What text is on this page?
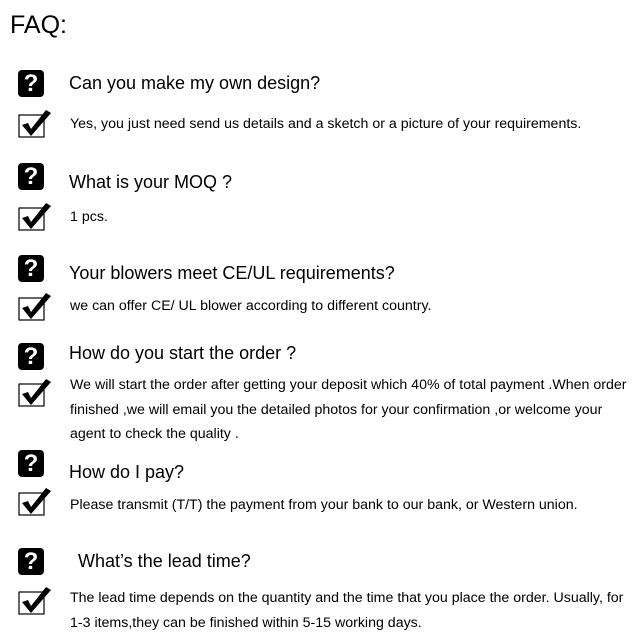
FAQ:
?	Can you make my own design?
Yes, you just need send us details and a sketch or a picture of your requirements.
?	What is your MOQ ?
1 pcs.
?	Your blowers meet CE/UL requirements?
we can offer CE/ UL blower according to different country.
?	How do you start the order ?
We will start the order after getting your deposit which 40% of total payment .When order finished ,we will email you the detailed photos for your confirmation ,or welcome your agent to check the quality .
?	How do I pay?
Please transmit (T/T) the payment from your bank to our bank, or Western union.
?	What’s the lead time?
The lead time depends on the quantity and the time that you place the order. Usually, for 1-3 items,they can be finished within 5-15 working days.
